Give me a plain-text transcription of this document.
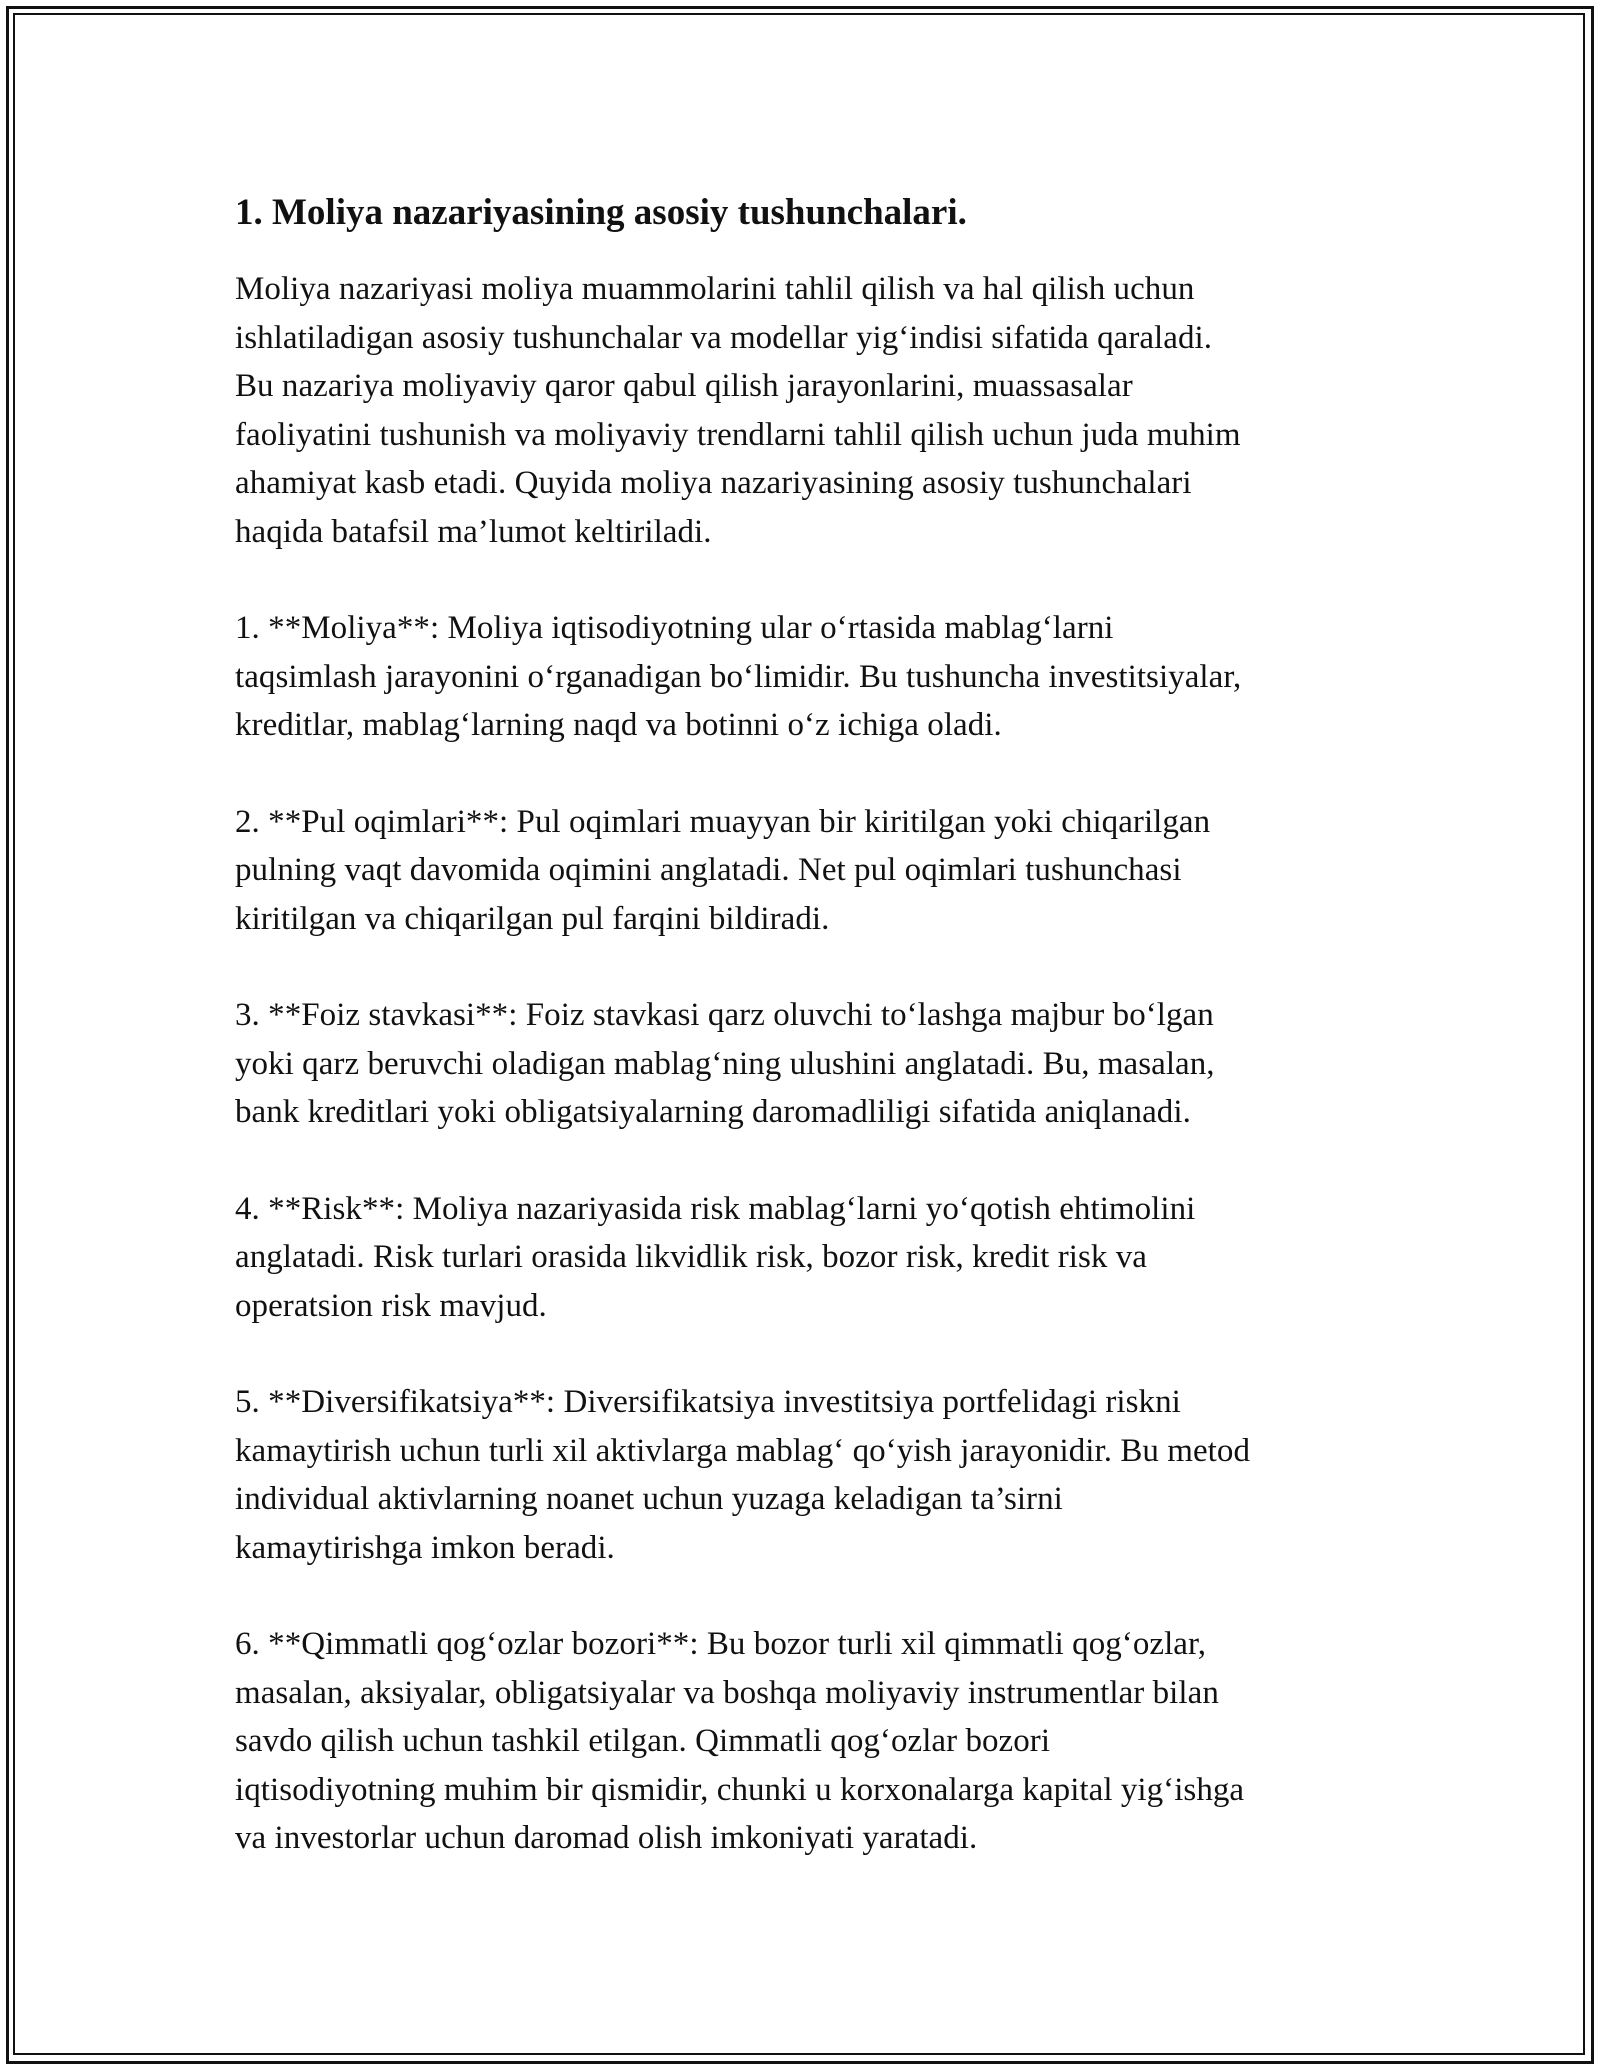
1. Moliya nazariyasining asosiy tushunchalari.

Moliya nazariyasi moliya muammolarini tahlil qilish va hal qilish uchun
ishlatiladigan asosiy tushunchalar va modellar yig‘indisi sifatida qaraladi.
Bu nazariya moliyaviy qaror qabul qilish jarayonlarini, muassasalar
faoliyatini tushunish va moliyaviy trendlarni tahlil qilish uchun juda muhim
ahamiyat kasb etadi. Quyida moliya nazariyasining asosiy tushunchalari
haqida batafsil ma’lumot keltiriladi.

1. **Moliya**: Moliya iqtisodiyotning ular o‘rtasida mablag‘larni
taqsimlash jarayonini o‘rganadigan bo‘limidir. Bu tushuncha investitsiyalar,
kreditlar, mablag‘larning naqd va botinni o‘z ichiga oladi.

2. **Pul oqimlari**: Pul oqimlari muayyan bir kiritilgan yoki chiqarilgan
pulning vaqt davomida oqimini anglatadi. Net pul oqimlari tushunchasi
kiritilgan va chiqarilgan pul farqini bildiradi.

3. **Foiz stavkasi**: Foiz stavkasi qarz oluvchi to‘lashga majbur bo‘lgan
yoki qarz beruvchi oladigan mablag‘ning ulushini anglatadi. Bu, masalan,
bank kreditlari yoki obligatsiyalarning daromadliligi sifatida aniqlanadi.

4. **Risk**: Moliya nazariyasida risk mablag‘larni yo‘qotish ehtimolini
anglatadi. Risk turlari orasida likvidlik risk, bozor risk, kredit risk va
operatsion risk mavjud.

5. **Diversifikatsiya**: Diversifikatsiya investitsiya portfelidagi riskni
kamaytirish uchun turli xil aktivlarga mablag‘ qo‘yish jarayonidir. Bu metod
individual aktivlarning noanet uchun yuzaga keladigan ta’sirni
kamaytirishga imkon beradi.

6. **Qimmatli qog‘ozlar bozori**: Bu bozor turli xil qimmatli qog‘ozlar,
masalan, aksiyalar, obligatsiyalar va boshqa moliyaviy instrumentlar bilan
savdo qilish uchun tashkil etilgan. Qimmatli qog‘ozlar bozori
iqtisodiyotning muhim bir qismidir, chunki u korxonalarga kapital yig‘ishga
va investorlar uchun daromad olish imkoniyati yaratadi.
